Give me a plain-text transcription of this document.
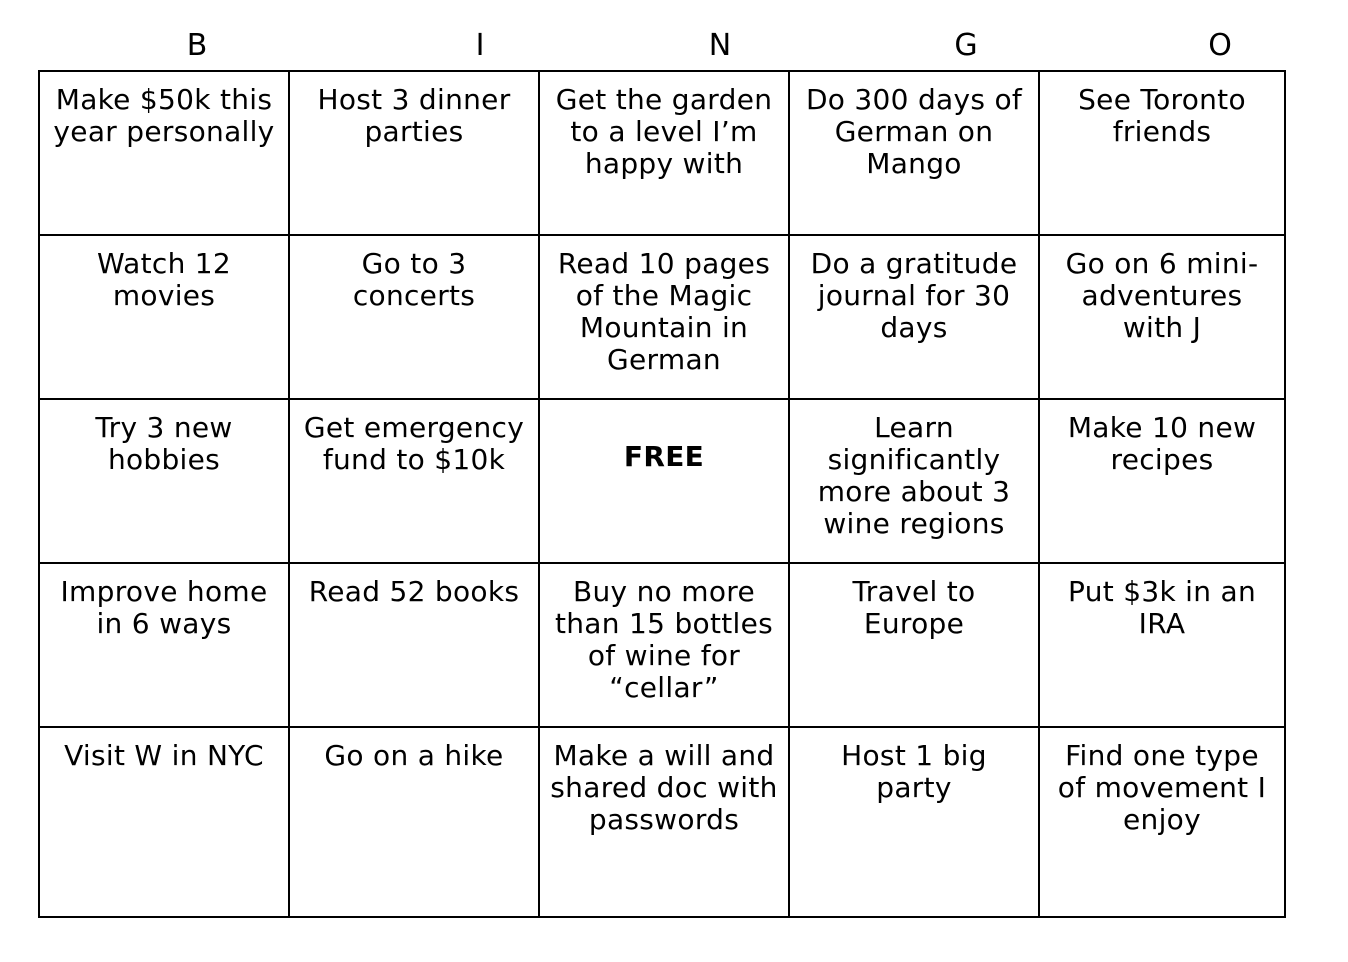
B	I	N	G	O
Make $50k this year personally	Host 3 dinner parties	Get the garden to a level I’m happy with	Do 300 days of German on Mango	See Toronto friends
Watch 12 movies	Go to 3 concerts	Read 10 pages of the Magic Mountain in German	Do a gratitude journal for 30 days	Go on 6 mini-adventures with J
Try 3 new hobbies	Get emergency fund to $10k	FREE	Learn significantly more about 3 wine regions	Make 10 new recipes
Improve home in 6 ways	Read 52 books	Buy no more than 15 bottles of wine for “cellar”	Travel to Europe	Put $3k in an IRA
Visit W in NYC	Go on a hike	Make a will and shared doc with passwords	Host 1 big party	Find one type of movement I enjoy
